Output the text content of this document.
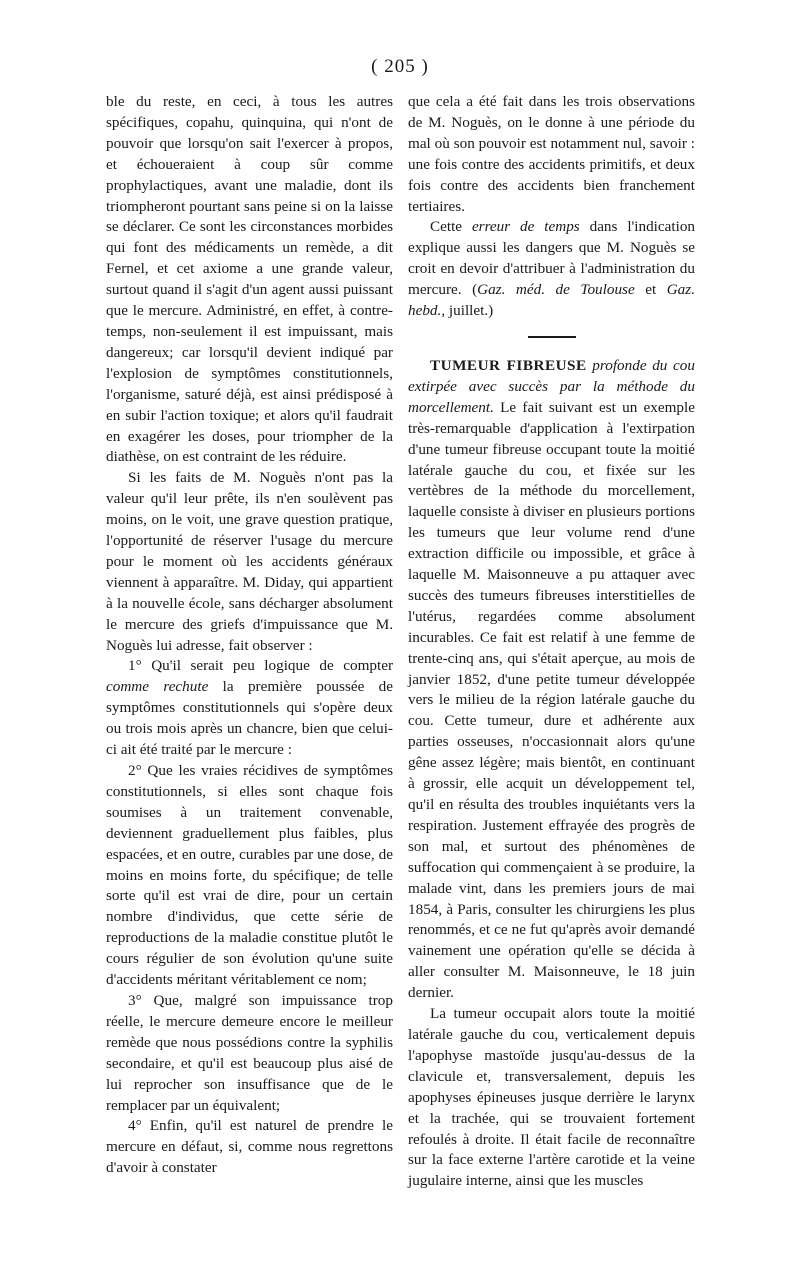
( 205 )

ble du reste, en ceci, à tous les autres spécifiques, copahu, quinquina, qui n'ont de pouvoir que lorsqu'on sait l'exercer à propos, et échoueraient à coup sûr comme prophylactiques, avant une maladie, dont ils triompheront pourtant sans peine si on la laisse se déclarer. Ce sont les circonstances morbides qui font des médicaments un remède, a dit Fernel, et cet axiome a une grande valeur, surtout quand il s'agit d'un agent aussi puissant que le mercure. Administré, en effet, à contre-temps, non-seulement il est impuissant, mais dangereux; car lorsqu'il devient indiqué par l'explosion de symptômes constitutionnels, l'organisme, saturé déjà, est ainsi prédisposé à en subir l'action toxique; et alors qu'il faudrait en exagérer les doses, pour triompher de la diathèse, on est contraint de les réduire.

Si les faits de M. Noguès n'ont pas la valeur qu'il leur prête, ils n'en soulèvent pas moins, on le voit, une grave question pratique, l'opportunité de réserver l'usage du mercure pour le moment où les accidents généraux viennent à apparaître. M. Diday, qui appartient à la nouvelle école, sans décharger absolument le mercure des griefs d'impuissance que M. Noguès lui adresse, fait observer :

1° Qu'il serait peu logique de compter comme rechute la première poussée de symptômes constitutionnels qui s'opère deux ou trois mois après un chancre, bien que celui-ci ait été traité par le mercure :

2° Que les vraies récidives de symptômes constitutionnels, si elles sont chaque fois soumises à un traitement convenable, deviennent graduellement plus faibles, plus espacées, et en outre, curables par une dose, de moins en moins forte, du spécifique; de telle sorte qu'il est vrai de dire, pour un certain nombre d'individus, que cette série de reproductions de la maladie constitue plutôt le cours régulier de son évolution qu'une suite d'accidents méritant véritablement ce nom;

3° Que, malgré son impuissance trop réelle, le mercure demeure encore le meilleur remède que nous possédions contre la syphilis secondaire, et qu'il est beaucoup plus aisé de lui reprocher son insuffisance que de le remplacer par un équivalent;

4° Enfin, qu'il est naturel de prendre le mercure en défaut, si, comme nous regrettons d'avoir à constater

que cela a été fait dans les trois observations de M. Noguès, on le donne à une période du mal où son pouvoir est notamment nul, savoir : une fois contre des accidents primitifs, et deux fois contre des accidents bien franchement tertiaires.

Cette erreur de temps dans l'indication explique aussi les dangers que M. Noguès se croit en devoir d'attribuer à l'administration du mercure. (Gaz. méd. de Toulouse et Gaz. hebd., juillet.)

TUMEUR FIBREUSE profonde du cou extirpée avec succès par la méthode du morcellement. Le fait suivant est un exemple très-remarquable d'application à l'extirpation d'une tumeur fibreuse occupant toute la moitié latérale gauche du cou, et fixée sur les vertèbres de la méthode du morcellement, laquelle consiste à diviser en plusieurs portions les tumeurs que leur volume rend d'une extraction difficile ou impossible, et grâce à laquelle M. Maisonneuve a pu attaquer avec succès des tumeurs fibreuses interstitielles de l'utérus, regardées comme absolument incurables. Ce fait est relatif à une femme de trente-cinq ans, qui s'était aperçue, au mois de janvier 1852, d'une petite tumeur développée vers le milieu de la région latérale gauche du cou. Cette tumeur, dure et adhérente aux parties osseuses, n'occasionnait alors qu'une gêne assez légère; mais bientôt, en continuant à grossir, elle acquit un développement tel, qu'il en résulta des troubles inquiétants vers la respiration. Justement effrayée des progrès de son mal, et surtout des phénomènes de suffocation qui commençaient à se produire, la malade vint, dans les premiers jours de mai 1854, à Paris, consulter les chirurgiens les plus renommés, et ce ne fut qu'après avoir demandé vainement une opération qu'elle se décida à aller consulter M. Maisonneuve, le 18 juin dernier.

La tumeur occupait alors toute la moitié latérale gauche du cou, verticalement depuis l'apophyse mastoïde jusqu'au-dessus de la clavicule et, transversalement, depuis les apophyses épineuses jusque derrière le larynx et la trachée, qui se trouvaient fortement refoulés à droite. Il était facile de reconnaître sur la face externe l'artère carotide et la veine jugulaire interne, ainsi que les muscles
